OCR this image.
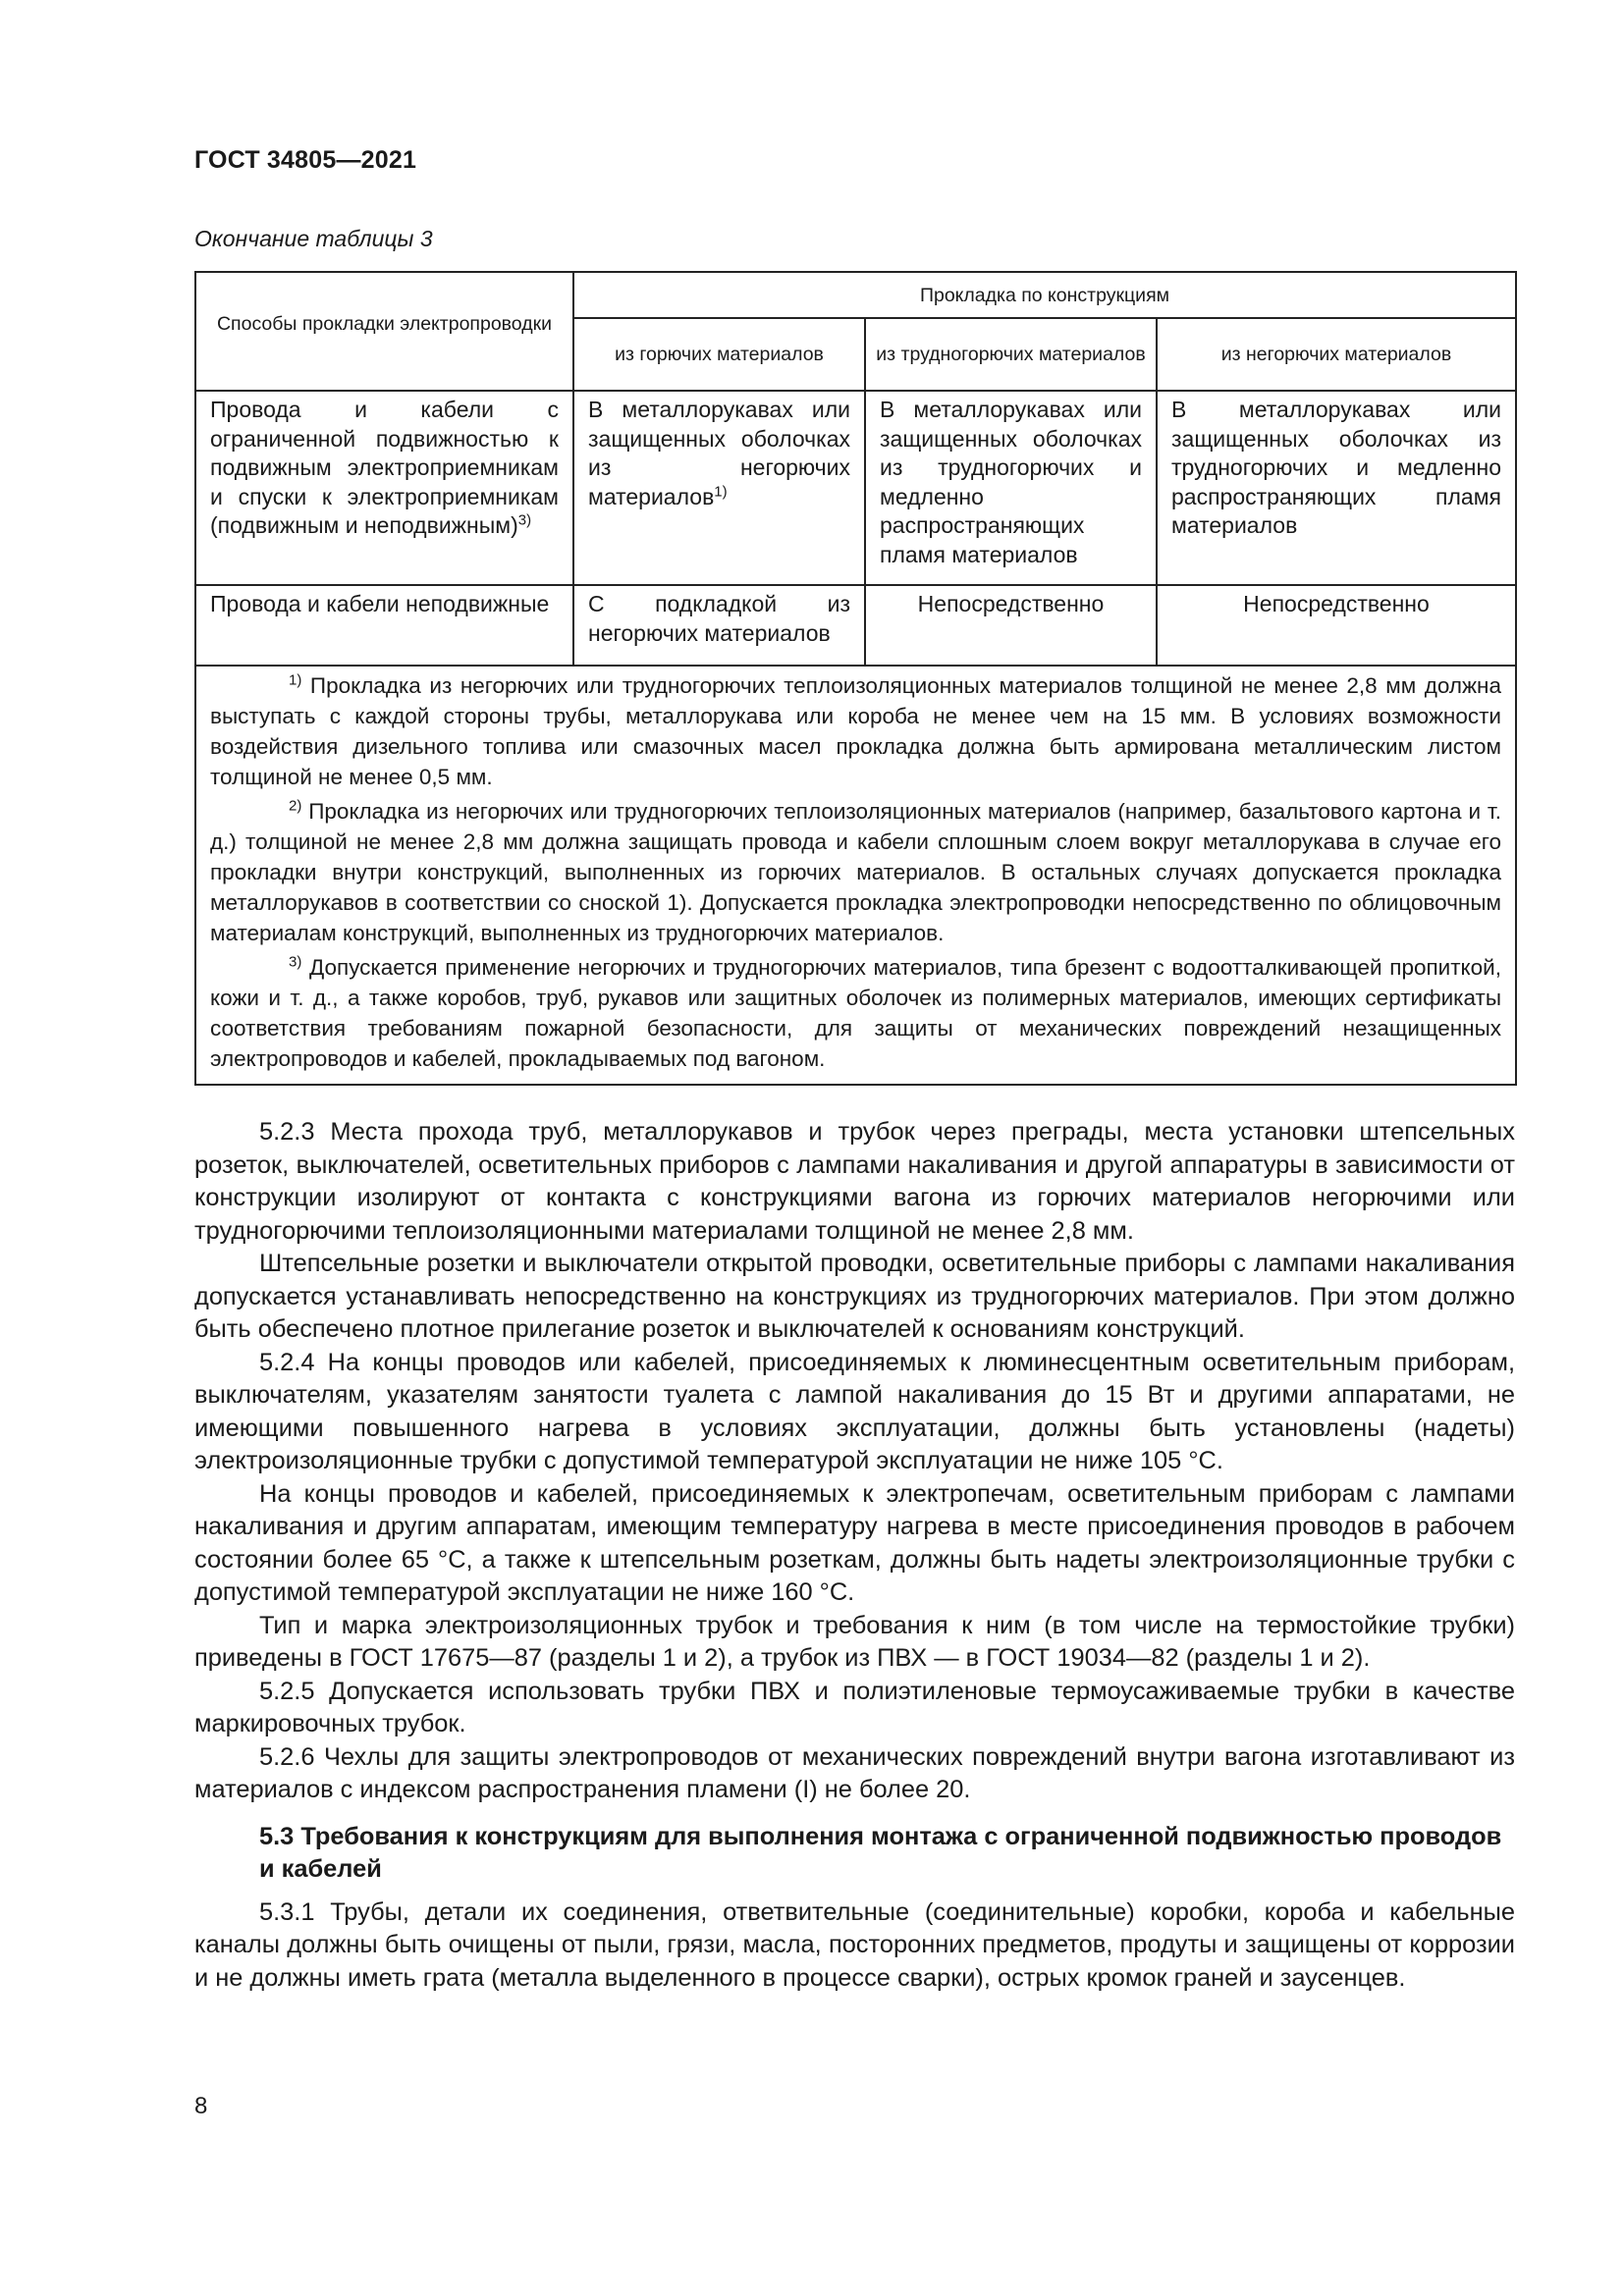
ГОСТ 34805—2021
Окончание таблицы 3
Способы прокладки электропроводки	Прокладка по конструкциям		
	из горючих материалов	из трудногорючих материалов	из негорючих материалов
Провода и кабели с ограниченной подвижностью к подвижным электроприемникам и спуски к электроприемникам (подвижным и неподвижным)$^{3)}$	В металлорукавах или защищенных оболочках из негорючих материалов$^{1)}$	В металлорукавах или защищенных оболочках из трудногорючих и медленно распространяющих пламя материалов	В металлорукавах или защищенных оболочках из трудногорючих и медленно распространяющих пламя материалов
Провода и кабели неподвижные	С подкладкой из негорючих материалов	Непосредственно	Непосредственно

$^{1)}$ Прокладка из негорючих или трудногорючих теплоизоляционных материалов толщиной не менее 2,8 мм должна выступать с каждой стороны трубы, металлорукава или короба не менее чем на 15 мм. В условиях возможности воздействия дизельного топлива или смазочных масел прокладка должна быть армирована металлическим листом толщиной не менее 0,5 мм.

$^{2)}$ Прокладка из негорючих или трудногорючих теплоизоляционных материалов (например, базальтового картона и т. д.) толщиной не менее 2,8 мм должна защищать провода и кабели сплошным слоем вокруг металлорукава в случае его прокладки внутри конструкций, выполненных из горючих материалов. В остальных случаях допускается прокладка металлорукавов в соответствии со сноской 1). Допускается прокладка электропроводки непосредственно по облицовочным материалам конструкций, выполненных из трудногорючих материалов.

$^{3)}$ Допускается применение негорючих и трудногорючих материалов, типа брезент с водоотталкивающей пропиткой, кожи и т. д., а также коробов, труб, рукавов или защитных оболочек из полимерных материалов, имеющих сертификаты соответствия требованиям пожарной безопасности, для защиты от механических повреждений незащищенных электропроводов и кабелей, прокладываемых под вагоном.			

5.2.3 Места прохода труб, металлорукавов и трубок через преграды, места установки штепсельных розеток, выключателей, осветительных приборов с лампами накаливания и другой аппаратуры в зависимости от конструкции изолируют от контакта с конструкциями вагона из горючих материалов негорючими или трудногорючими теплоизоляционными материалами толщиной не менее 2,8 мм.

Штепсельные розетки и выключатели открытой проводки, осветительные приборы с лампами накаливания допускается устанавливать непосредственно на конструкциях из трудногорючих материалов. При этом должно быть обеспечено плотное прилегание розеток и выключателей к основаниям конструкций.

5.2.4 На концы проводов или кабелей, присоединяемых к люминесцентным осветительным приборам, выключателям, указателям занятости туалета с лампой накаливания до 15 Вт и другими аппаратами, не имеющими повышенного нагрева в условиях эксплуатации, должны быть установлены (надеты) электроизоляционные трубки с допустимой температурой эксплуатации не ниже 105 °С.

На концы проводов и кабелей, присоединяемых к электропечам, осветительным приборам с лампами накаливания и другим аппаратам, имеющим температуру нагрева в месте присоединения проводов в рабочем состоянии более 65 °С, а также к штепсельным розеткам, должны быть надеты электроизоляционные трубки с допустимой температурой эксплуатации не ниже 160 °С.

Тип и марка электроизоляционных трубок и требования к ним (в том числе на термостойкие трубки) приведены в ГОСТ 17675—87 (разделы 1 и 2), а трубок из ПВХ — в ГОСТ 19034—82 (разделы 1 и 2).

5.2.5 Допускается использовать трубки ПВХ и полиэтиленовые термоусаживаемые трубки в качестве маркировочных трубок.

5.2.6 Чехлы для защиты электропроводов от механических повреждений внутри вагона изготавливают из материалов с индексом распространения пламени (I) не более 20.

5.3 Требования к конструкциям для выполнения монтажа с ограниченной подвижностью проводов и кабелей

5.3.1 Трубы, детали их соединения, ответвительные (соединительные) коробки, короба и кабельные каналы должны быть очищены от пыли, грязи, масла, посторонних предметов, продуты и защищены от коррозии и не должны иметь грата (металла выделенного в процессе сварки), острых кромок граней и заусенцев.

8
